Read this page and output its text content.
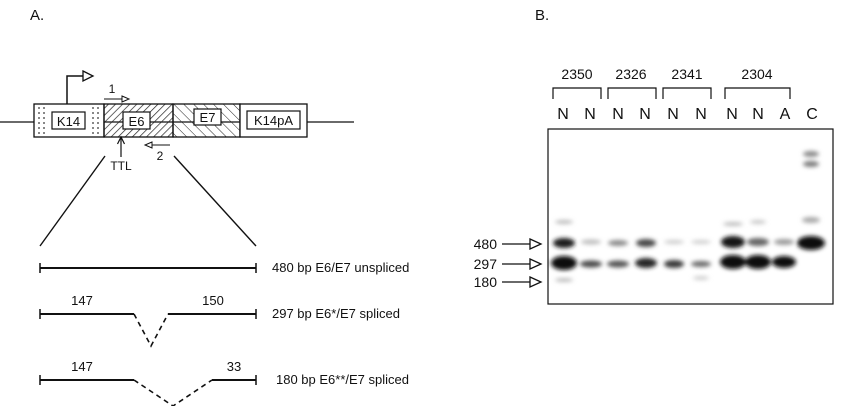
A.
K14	E6	E7	K14pA
1
2
TTL
480 bp E6/E7 unspliced
147	150
297 bp E6*/E7 spliced
147	33
180 bp E6**/E7 spliced
B.
2350 2326 2341	2304
N N N N N N N N A C
480
297
180
